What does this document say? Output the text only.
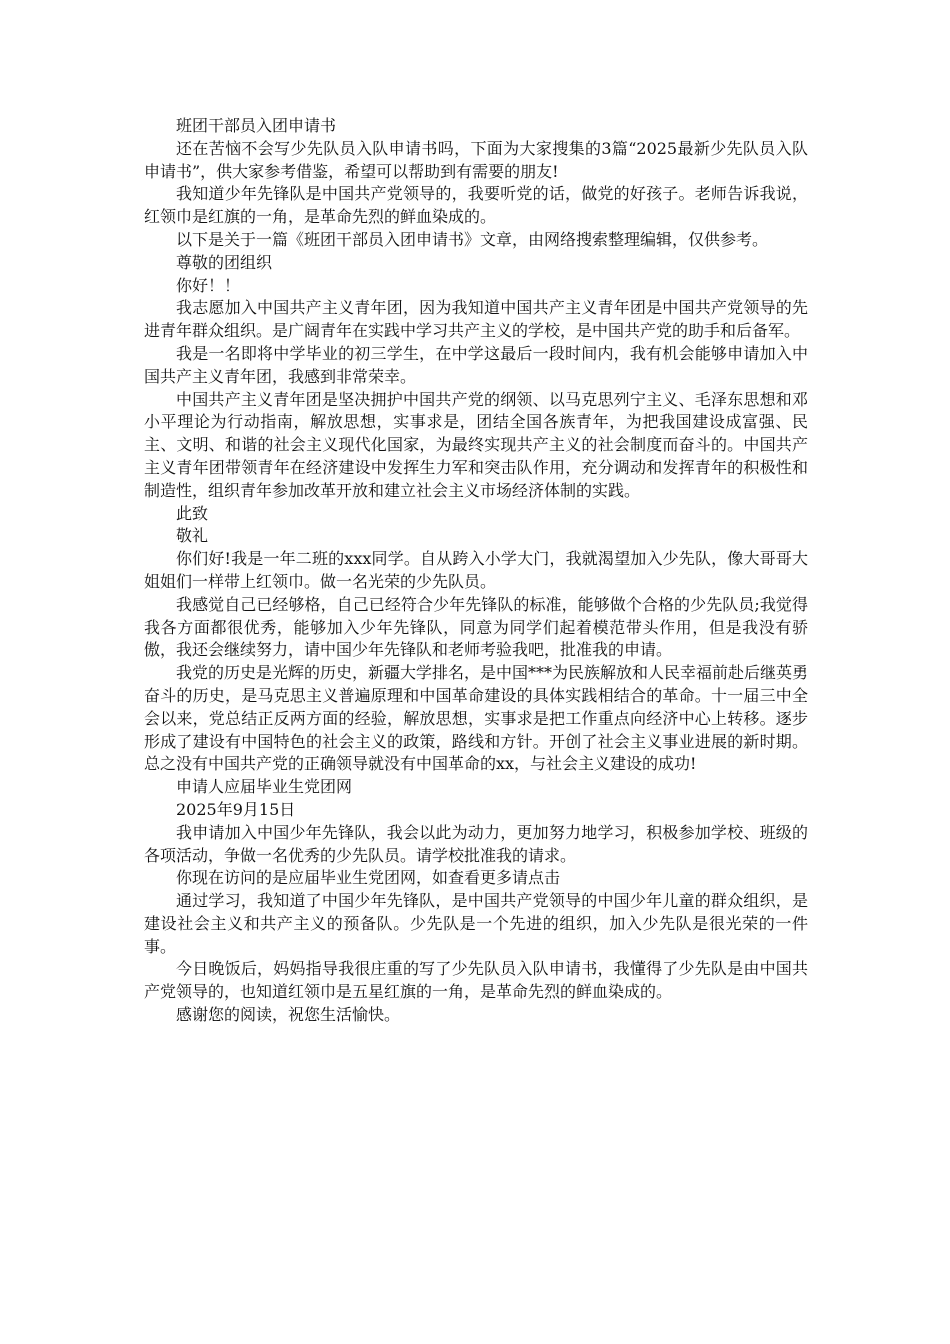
班团干部员入团申请书

还在苦恼不会写少先队员入队申请书吗，下面为大家搜集的3篇“2025最新少先队员入队申请书”，供大家参考借鉴，希望可以帮助到有需要的朋友!

我知道少年先锋队是中国共产党领导的，我要听党的话，做党的好孩子。老师告诉我说，红领巾是红旗的一角，是革命先烈的鲜血染成的。

以下是关于一篇《班团干部员入团申请书》文章，由网络搜索整理编辑，仅供参考。

尊敬的团组织

你好！！

我志愿加入中国共产主义青年团，因为我知道中国共产主义青年团是中国共产党领导的先进青年群众组织。是广阔青年在实践中学习共产主义的学校，是中国共产党的助手和后备军。

我是一名即将中学毕业的初三学生，在中学这最后一段时间内，我有机会能够申请加入中国共产主义青年团，我感到非常荣幸。

中国共产主义青年团是坚决拥护中国共产党的纲领、以马克思列宁主义、毛泽东思想和邓小平理论为行动指南，解放思想，实事求是，团结全国各族青年，为把我国建设成富强、民主、文明、和谐的社会主义现代化国家，为最终实现共产主义的社会制度而奋斗的。中国共产主义青年团带领青年在经济建设中发挥生力军和突击队作用，充分调动和发挥青年的积极性和制造性，组织青年参加改革开放和建立社会主义市场经济体制的实践。

此致

敬礼

你们好!我是一年二班的xxx同学。自从跨入小学大门，我就渴望加入少先队，像大哥哥大姐姐们一样带上红领巾。做一名光荣的少先队员。

我感觉自己已经够格，自己已经符合少年先锋队的标准，能够做个合格的少先队员;我觉得我各方面都很优秀，能够加入少年先锋队，同意为同学们起着模范带头作用，但是我没有骄傲，我还会继续努力，请中国少年先锋队和老师考验我吧，批准我的申请。

我党的历史是光辉的历史，新疆大学排名，是中国***为民族解放和人民幸福前赴后继英勇奋斗的历史，是马克思主义普遍原理和中国革命建设的具体实践相结合的革命。十一届三中全会以来，党总结正反两方面的经验，解放思想，实事求是把工作重点向经济中心上转移。逐步形成了建设有中国特色的社会主义的政策，路线和方针。开创了社会主义事业进展的新时期。总之没有中国共产党的正确领导就没有中国革命的xx，与社会主义建设的成功!

申请人应届毕业生党团网

2025年9月15日

我申请加入中国少年先锋队，我会以此为动力，更加努力地学习，积极参加学校、班级的各项活动，争做一名优秀的少先队员。请学校批准我的请求。

你现在访问的是应届毕业生党团网，如查看更多请点击

通过学习，我知道了中国少年先锋队，是中国共产党领导的中国少年儿童的群众组织，是建设社会主义和共产主义的预备队。少先队是一个先进的组织，加入少先队是很光荣的一件事。

今日晚饭后，妈妈指导我很庄重的写了少先队员入队申请书，我懂得了少先队是由中国共产党领导的，也知道红领巾是五星红旗的一角，是革命先烈的鲜血染成的。

感谢您的阅读，祝您生活愉快。
